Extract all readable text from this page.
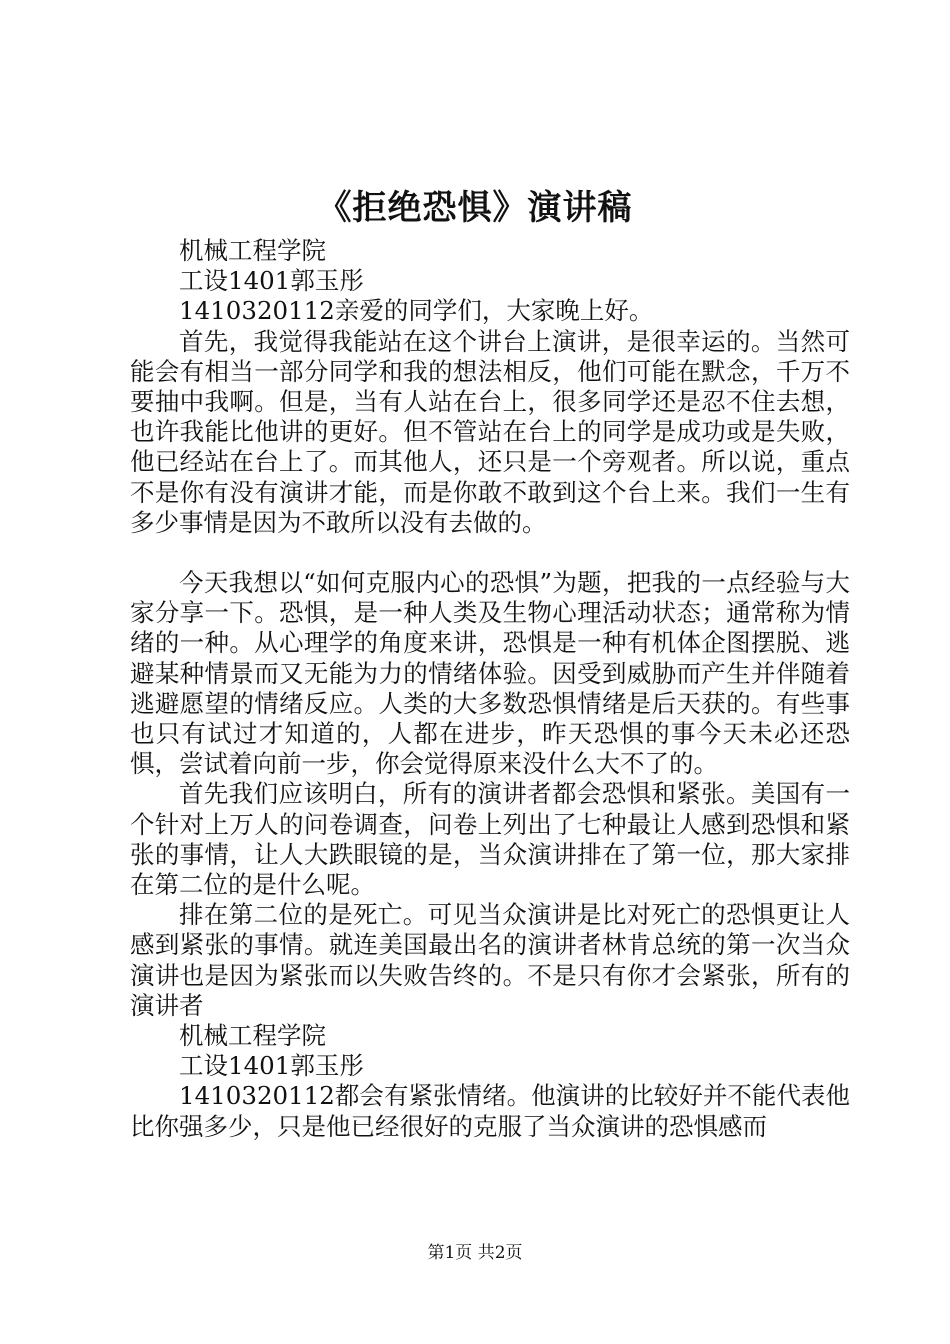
《拒绝恐惧》演讲稿

机械工程学院

工设1401郭玉彤

1410320112亲爱的同学们，大家晚上好。

首先，我觉得我能站在这个讲台上演讲，是很幸运的。当然可能会有相当一部分同学和我的想法相反，他们可能在默念，千万不要抽中我啊。但是，当有人站在台上，很多同学还是忍不住去想，也许我能比他讲的更好。但不管站在台上的同学是成功或是失败，他已经站在台上了。而其他人，还只是一个旁观者。所以说，重点不是你有没有演讲才能，而是你敢不敢到这个台上来。我们一生有多少事情是因为不敢所以没有去做的。

今天我想以“如何克服内心的恐惧”为题，把我的一点经验与大家分享一下。恐惧，是一种人类及生物心理活动状态；通常称为情绪的一种。从心理学的角度来讲，恐惧是一种有机体企图摆脱、逃避某种情景而又无能为力的情绪体验。因受到威胁而产生并伴随着逃避愿望的情绪反应。人类的大多数恐惧情绪是后天获的。有些事也只有试过才知道的，人都在进步，昨天恐惧的事今天未必还恐惧，尝试着向前一步，你会觉得原来没什么大不了的。

首先我们应该明白，所有的演讲者都会恐惧和紧张。美国有一个针对上万人的问卷调查，问卷上列出了七种最让人感到恐惧和紧张的事情，让人大跌眼镜的是，当众演讲排在了第一位，那大家排在第二位的是什么呢。

排在第二位的是死亡。可见当众演讲是比对死亡的恐惧更让人感到紧张的事情。就连美国最出名的演讲者林肯总统的第一次当众演讲也是因为紧张而以失败告终的。不是只有你才会紧张，所有的演讲者

机械工程学院

工设1401郭玉彤

1410320112都会有紧张情绪。他演讲的比较好并不能代表他比你强多少，只是他已经很好的克服了当众演讲的恐惧感而

第1页 共2页
